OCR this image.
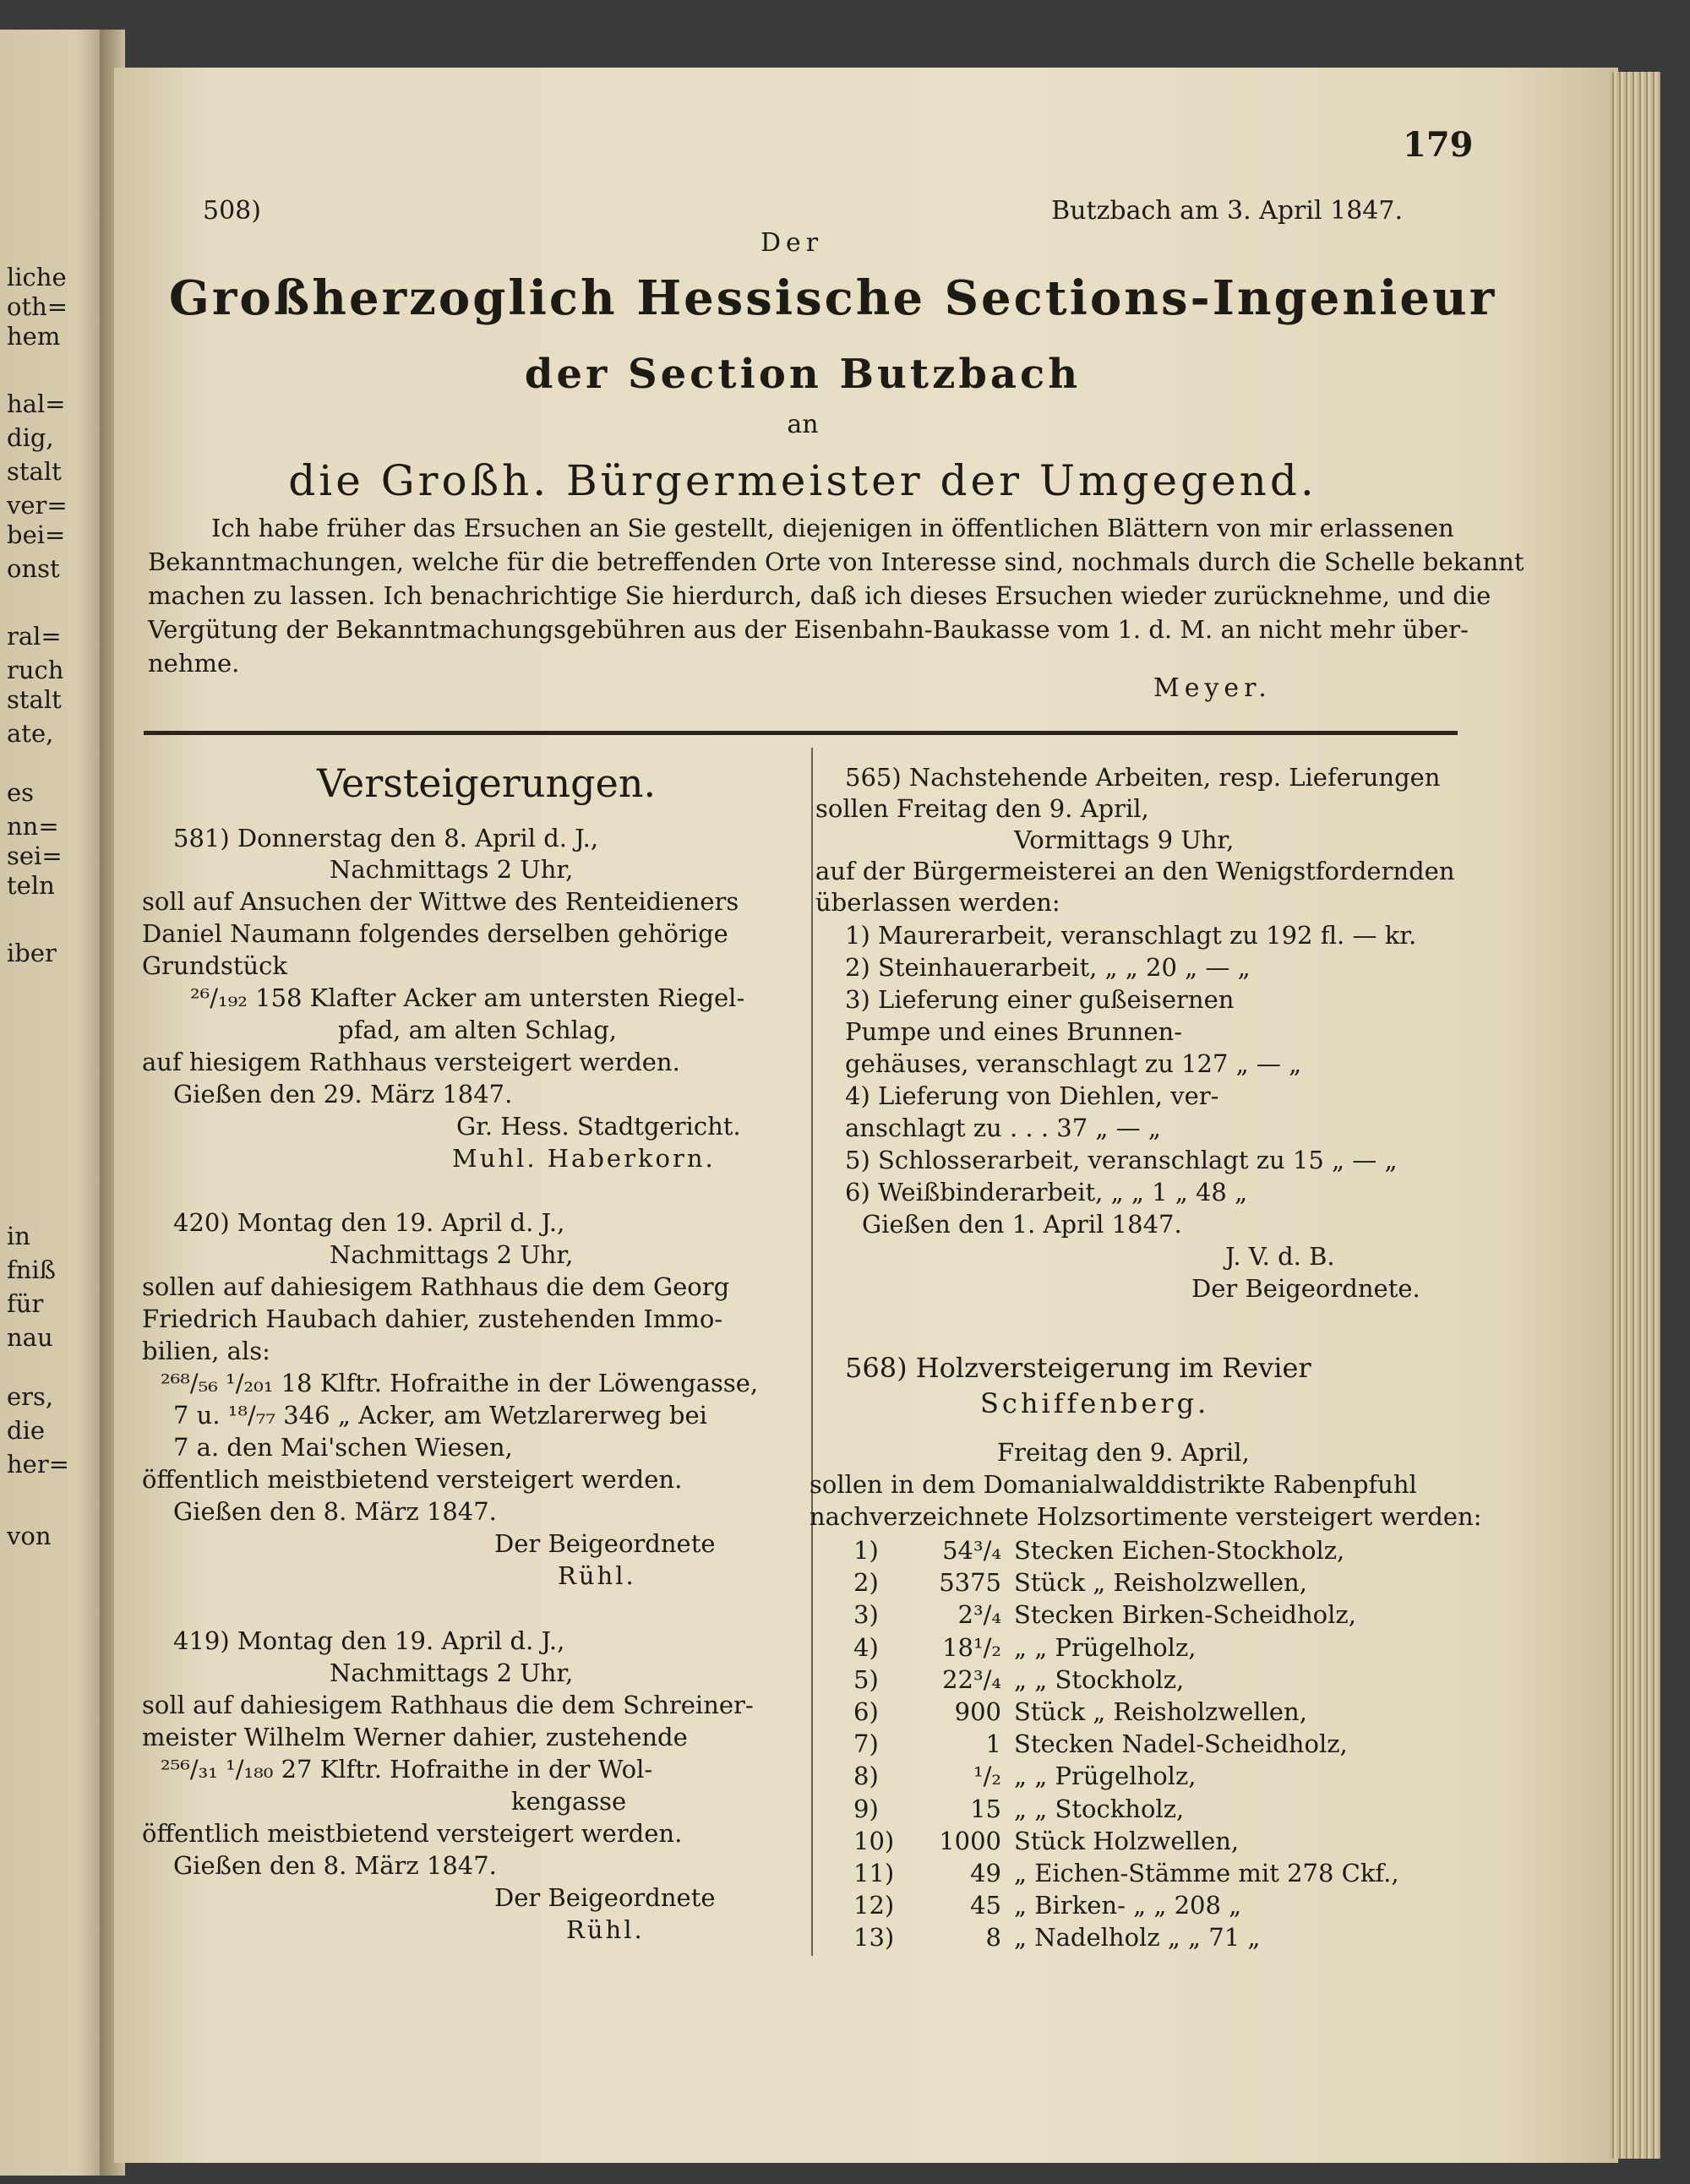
liche
oth=
hem
hal=
dig,
stalt
ver=
bei=
onst
ral=
ruch
stalt
ate,
es
nn=
sei=
teln
iber
in
fniß
für
nau
ers,
die
her=
von
179
508)	Butzbach am 3. April 1847.
Der
Großherzoglich Hessische Sections-Ingenieur
der Section Butzbach
an
die Großh. Bürgermeister der Umgegend.
Ich habe früher das Ersuchen an Sie gestellt, diejenigen in öffentlichen Blättern von mir erlassenen
Bekanntmachungen, welche für die betreffenden Orte von Interesse sind, nochmals durch die Schelle bekannt
machen zu lassen. Ich benachrichtige Sie hierdurch, daß ich dieses Ersuchen wieder zurücknehme, und die
Vergütung der Bekanntmachungsgebühren aus der Eisenbahn-Baukasse vom 1. d. M. an nicht mehr über-
nehme.
Meyer.
Versteigerungen.
581) Donnerstag den 8. April d. J.,
Nachmittags 2 Uhr,
soll auf Ansuchen der Wittwe des Renteidieners
Daniel Naumann folgendes derselben gehörige
Grundstück
²⁶/₁₉₂ 158 Klafter Acker am untersten Riegel-
pfad, am alten Schlag,
auf hiesigem Rathhaus versteigert werden.
Gießen den 29. März 1847.
Gr. Hess. Stadtgericht.
Muhl. Haberkorn.
420) Montag den 19. April d. J.,
Nachmittags 2 Uhr,
sollen auf dahiesigem Rathhaus die dem Georg
Friedrich Haubach dahier, zustehenden Immo-
bilien, als:
²⁶⁸/₅₆ ¹/₂₀₁ 18 Klftr. Hofraithe in der Löwengasse,
7 u. ¹⁸/₇₇ 346 „ Acker, am Wetzlarerweg bei
7 a. den Mai'schen Wiesen,
öffentlich meistbietend versteigert werden.
Gießen den 8. März 1847.
Der Beigeordnete
Rühl.
419) Montag den 19. April d. J.,
Nachmittags 2 Uhr,
soll auf dahiesigem Rathhaus die dem Schreiner-
meister Wilhelm Werner dahier, zustehende
²⁵⁶/₃₁ ¹/₁₈₀ 27 Klftr. Hofraithe in der Wol-
kengasse
öffentlich meistbietend versteigert werden.
Gießen den 8. März 1847.
Der Beigeordnete
Rühl.
565) Nachstehende Arbeiten, resp. Lieferungen
sollen Freitag den 9. April,
Vormittags 9 Uhr,
auf der Bürgermeisterei an den Wenigstfordernden
überlassen werden:
1) Maurerarbeit, veranschlagt zu 192 fl. — kr.
2) Steinhauerarbeit, „ „ 20 „ — „
3) Lieferung einer gußeisernen
Pumpe und eines Brunnen-
gehäuses, veranschlagt zu 127 „ — „
4) Lieferung von Diehlen, ver-
anschlagt zu . . . 37 „ — „
5) Schlosserarbeit, veranschlagt zu 15 „ — „
6) Weißbinderarbeit, „ „ 1 „ 48 „
Gießen den 1. April 1847.
J. V. d. B.
Der Beigeordnete.
568) Holzversteigerung im Revier
Schiffenberg.
Freitag den 9. April,
sollen in dem Domanialwalddistrikte Rabenpfuhl
nachverzeichnete Holzsortimente versteigert werden:
1)	54³/₄ Stecken Eichen-Stockholz,
2)	5375 Stück „ Reisholzwellen,
3)	2³/₄ Stecken Birken-Scheidholz,
4)	18¹/₂ „ „ Prügelholz,
5)	22³/₄ „ „ Stockholz,
6)	900 Stück „ Reisholzwellen,
7)	1 Stecken Nadel-Scheidholz,
8)	¹/₂ „ „ Prügelholz,
9)	15 „ „ Stockholz,
10)	1000 Stück Holzwellen,
11)	49 „ Eichen-Stämme mit 278 Ckf.,
12)	45 „ Birken- „ „ 208 „
13)	8 „ Nadelholz „ „ 71 „
